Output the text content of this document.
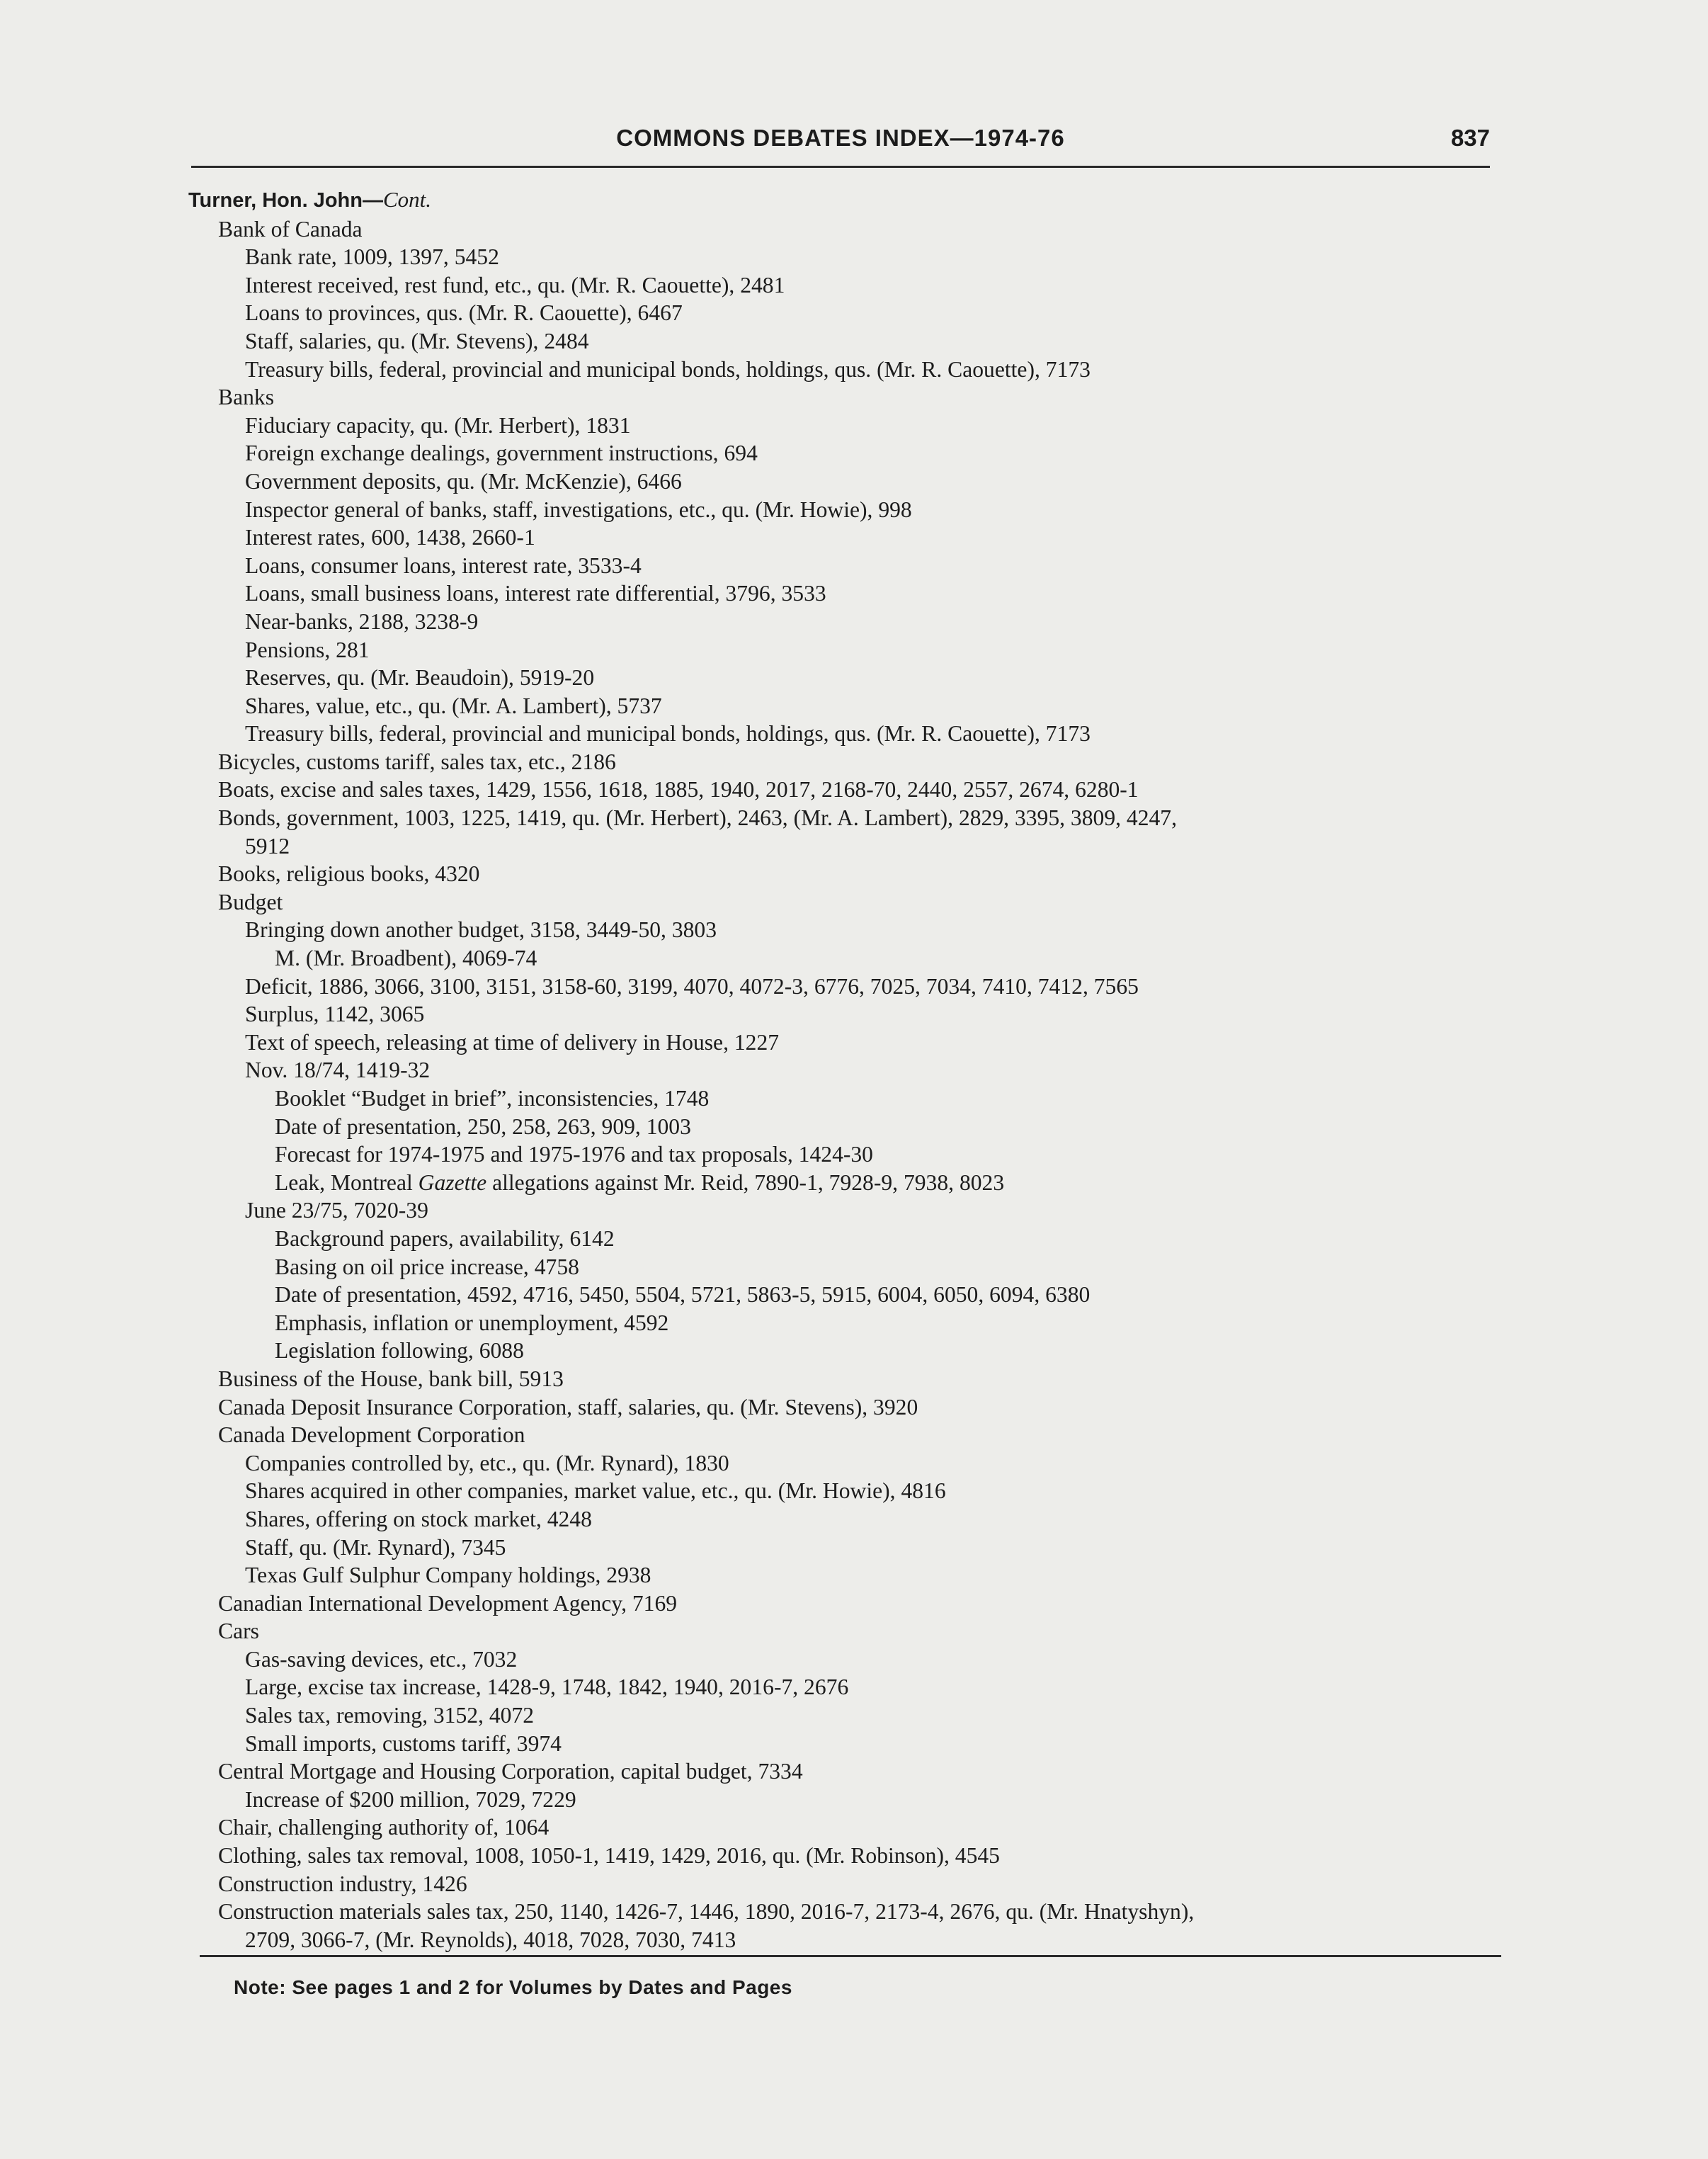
COMMONS DEBATES INDEX—1974-76	837
Turner, Hon. John—Cont.
Bank of Canada
Bank rate, 1009, 1397, 5452
Interest received, rest fund, etc., qu. (Mr. R. Caouette), 2481
Loans to provinces, qus. (Mr. R. Caouette), 6467
Staff, salaries, qu. (Mr. Stevens), 2484
Treasury bills, federal, provincial and municipal bonds, holdings, qus. (Mr. R. Caouette), 7173
Banks
Fiduciary capacity, qu. (Mr. Herbert), 1831
Foreign exchange dealings, government instructions, 694
Government deposits, qu. (Mr. McKenzie), 6466
Inspector general of banks, staff, investigations, etc., qu. (Mr. Howie), 998
Interest rates, 600, 1438, 2660-1
Loans, consumer loans, interest rate, 3533-4
Loans, small business loans, interest rate differential, 3796, 3533
Near-banks, 2188, 3238-9
Pensions, 281
Reserves, qu. (Mr. Beaudoin), 5919-20
Shares, value, etc., qu. (Mr. A. Lambert), 5737
Treasury bills, federal, provincial and municipal bonds, holdings, qus. (Mr. R. Caouette), 7173
Bicycles, customs tariff, sales tax, etc., 2186
Boats, excise and sales taxes, 1429, 1556, 1618, 1885, 1940, 2017, 2168-70, 2440, 2557, 2674, 6280-1
Bonds, government, 1003, 1225, 1419, qu. (Mr. Herbert), 2463, (Mr. A. Lambert), 2829, 3395, 3809, 4247,
5912
Books, religious books, 4320
Budget
Bringing down another budget, 3158, 3449-50, 3803
M. (Mr. Broadbent), 4069-74
Deficit, 1886, 3066, 3100, 3151, 3158-60, 3199, 4070, 4072-3, 6776, 7025, 7034, 7410, 7412, 7565
Surplus, 1142, 3065
Text of speech, releasing at time of delivery in House, 1227
Nov. 18/74, 1419-32
Booklet “Budget in brief”, inconsistencies, 1748
Date of presentation, 250, 258, 263, 909, 1003
Forecast for 1974-1975 and 1975-1976 and tax proposals, 1424-30
Leak, Montreal Gazette allegations against Mr. Reid, 7890-1, 7928-9, 7938, 8023
June 23/75, 7020-39
Background papers, availability, 6142
Basing on oil price increase, 4758
Date of presentation, 4592, 4716, 5450, 5504, 5721, 5863-5, 5915, 6004, 6050, 6094, 6380
Emphasis, inflation or unemployment, 4592
Legislation following, 6088
Business of the House, bank bill, 5913
Canada Deposit Insurance Corporation, staff, salaries, qu. (Mr. Stevens), 3920
Canada Development Corporation
Companies controlled by, etc., qu. (Mr. Rynard), 1830
Shares acquired in other companies, market value, etc., qu. (Mr. Howie), 4816
Shares, offering on stock market, 4248
Staff, qu. (Mr. Rynard), 7345
Texas Gulf Sulphur Company holdings, 2938
Canadian International Development Agency, 7169
Cars
Gas-saving devices, etc., 7032
Large, excise tax increase, 1428-9, 1748, 1842, 1940, 2016-7, 2676
Sales tax, removing, 3152, 4072
Small imports, customs tariff, 3974
Central Mortgage and Housing Corporation, capital budget, 7334
Increase of $200 million, 7029, 7229
Chair, challenging authority of, 1064
Clothing, sales tax removal, 1008, 1050-1, 1419, 1429, 2016, qu. (Mr. Robinson), 4545
Construction industry, 1426
Construction materials sales tax, 250, 1140, 1426-7, 1446, 1890, 2016-7, 2173-4, 2676, qu. (Mr. Hnatyshyn),
2709, 3066-7, (Mr. Reynolds), 4018, 7028, 7030, 7413
Note: See pages 1 and 2 for Volumes by Dates and Pages
